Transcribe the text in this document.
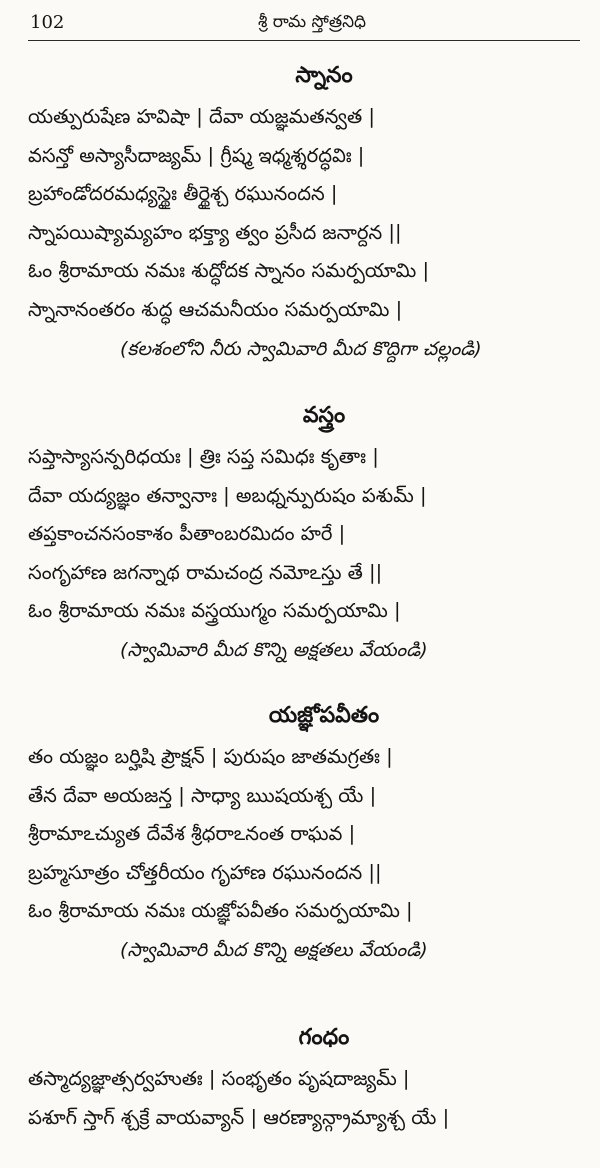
102	శ్రీ రామ స్తోత్రనిధి
స్నానం
యత్పురుషేణ హవిషా | దేవా యజ్ఞమతన్వత |
వసన్తో అస్యాసీదాజ్యమ్ | గ్రీష్మ ఇధ్మశ్శరద్ధవిః |
బ్రహాండోదరమధ్యస్థైః తీర్థైశ్చ రఘునందన |
స్నాపయిష్యామ్యహం భక్త్యా త్వం ప్రసీద జనార్దన ||
ఓం శ్రీరామాయ నమః శుద్ధోదక స్నానం సమర్పయామి |
స్నానానంతరం శుద్ధ ఆచమనీయం సమర్పయామి |
(కలశంలోని నీరు స్వామివారి మీద కొద్దిగా చల్లండి)
వస్త్రం
సప్తాస్యాసన్పరిధయః | త్రిః సప్త సమిధః కృతాః |
దేవా యద్యజ్ఞం తన్వానాః | అబధ్నన్పురుషం పశుమ్ |
తప్తకాంచనసంకాశం పీతాంబరమిదం హరే |
సంగృహాణ జగన్నాథ రామచంద్ర నమోఽస్తు తే ||
ఓం శ్రీరామాయ నమః వస్త్రయుగ్మం సమర్పయామి |
(స్వామివారి మీద కొన్ని అక్షతలు వేయండి)
యజ్ఞోపవీతం
తం యజ్ఞం బర్హిషి ప్రౌక్షన్ | పురుషం జాతమగ్రతః |
తేన దేవా అయజన్త | సాధ్యా ఋషయశ్చ యే |
శ్రీరామాఽచ్యుత దేవేశ శ్రీధరాఽనంత రాఘవ |
బ్రహ్మసూత్రం చోత్తరీయం గృహాణ రఘునందన ||
ఓం శ్రీరామాయ నమః యజ్ఞోపవీతం సమర్పయామి |
(స్వామివారి మీద కొన్ని అక్షతలు వేయండి)
గంధం
తస్మాద్యజ్ఞాత్సర్వహుతః | సంభృతం పృషదాజ్యమ్ |
పశూగ్ స్తాగ్ శ్చక్రే వాయవ్యాన్ | ఆరణ్యాన్గ్రామ్యాశ్చ యే |
